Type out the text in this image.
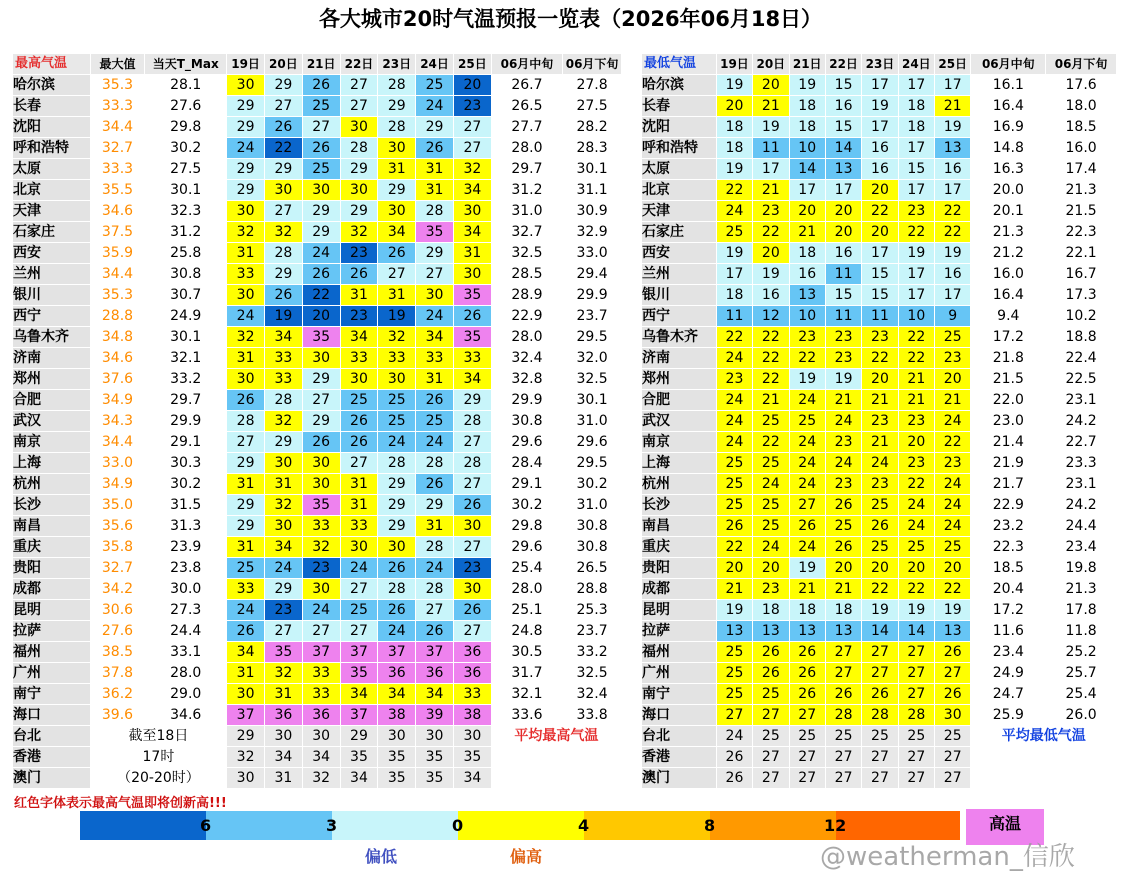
各大城市20时气温预报一览表（2026年06月18日）
最高气温	最大值	当天T_Max	19日	20日	21日	22日	23日	24日	25日	06月中旬	06月下旬
哈尔滨	35.3	28.1	30	29	26	27	28	25	20	26.7	27.8
长春	33.3	27.6	29	27	25	27	29	24	23	26.5	27.5
沈阳	34.4	29.8	29	26	27	30	28	29	27	27.7	28.2
呼和浩特	32.7	30.2	24	22	26	28	30	26	27	28.0	28.3
太原	33.3	27.5	29	29	25	29	31	31	32	29.7	30.1
北京	35.5	30.1	29	30	30	30	29	31	34	31.2	31.1
天津	34.6	32.3	30	27	29	29	30	28	30	31.0	30.9
石家庄	37.5	31.2	32	32	29	32	34	35	34	32.7	32.9
西安	35.9	25.8	31	28	24	23	26	29	31	32.5	33.0
兰州	34.4	30.8	33	29	26	26	27	27	30	28.5	29.4
银川	35.3	30.7	30	26	22	31	31	30	35	28.9	29.9
西宁	28.8	24.9	24	19	20	23	19	24	26	22.9	23.7
乌鲁木齐	34.8	30.1	32	34	35	34	32	34	35	28.0	29.5
济南	34.6	32.1	31	33	30	33	33	33	33	32.4	32.0
郑州	37.6	33.2	30	33	29	30	30	31	34	32.8	32.5
合肥	34.9	29.7	26	28	27	25	25	26	29	29.9	30.1
武汉	34.3	29.9	28	32	29	26	25	25	28	30.8	31.0
南京	34.4	29.1	27	29	26	26	24	24	27	29.6	29.6
上海	33.0	30.3	29	30	30	27	28	28	28	28.4	29.5
杭州	34.9	30.2	31	31	30	31	29	26	27	29.1	30.2
长沙	35.0	31.5	29	32	35	31	29	29	26	30.2	31.0
南昌	35.6	31.3	29	30	33	33	29	31	30	29.8	30.8
重庆	35.8	23.9	31	34	32	30	30	28	27	29.6	30.8
贵阳	32.7	23.8	25	24	23	24	26	24	23	25.4	26.5
成都	34.2	30.0	33	29	30	27	28	28	30	28.0	28.8
昆明	30.6	27.3	24	23	24	25	26	27	26	25.1	25.3
拉萨	27.6	24.4	26	27	27	27	24	26	27	24.8	23.7
福州	38.5	33.1	34	35	37	37	37	37	36	30.5	33.2
广州	37.8	28.0	31	32	33	35	36	36	36	31.7	32.5
南宁	36.2	29.0	30	31	33	34	34	34	33	32.1	32.4
海口	39.6	34.6	37	36	36	37	38	39	38	33.6	33.8
台北	截至18日		29	30	30	29	30	30	30	平均最高气温	
香港	17时		32	34	34	35	35	35	35		
澳门	（20-20时）		30	31	32	34	35	35	34		
最低气温	19日	20日	21日	22日	23日	24日	25日	06月中旬	06月下旬
哈尔滨	19	20	19	15	17	17	17	16.1	17.6
长春	20	21	18	16	19	18	21	16.4	18.0
沈阳	18	19	18	15	17	18	19	16.9	18.5
呼和浩特	18	11	10	14	16	17	13	14.8	16.0
太原	19	17	14	13	16	15	16	16.3	17.4
北京	22	21	17	17	20	17	17	20.0	21.3
天津	24	23	20	20	22	23	22	20.1	21.5
石家庄	25	22	21	20	20	22	22	21.3	22.3
西安	19	20	18	16	17	19	19	21.2	22.1
兰州	17	19	16	11	15	17	16	16.0	16.7
银川	18	16	13	15	15	17	17	16.4	17.3
西宁	11	12	10	11	11	10	9	9.4	10.2
乌鲁木齐	22	22	23	23	23	22	25	17.2	18.8
济南	24	22	22	23	22	22	23	21.8	22.4
郑州	23	22	19	19	20	21	20	21.5	22.5
合肥	24	21	24	21	21	21	21	22.0	23.1
武汉	24	25	25	24	23	23	24	23.0	24.2
南京	24	22	24	23	21	20	22	21.4	22.7
上海	25	25	24	24	24	23	23	21.9	23.3
杭州	25	24	24	23	23	22	24	21.7	23.1
长沙	25	25	27	26	25	24	24	22.9	24.2
南昌	26	25	26	25	26	24	24	23.2	24.4
重庆	22	24	24	26	25	25	25	22.3	23.4
贵阳	20	20	19	20	20	20	20	18.5	19.8
成都	21	23	21	21	22	22	22	20.4	21.3
昆明	19	18	18	18	19	19	19	17.2	17.8
拉萨	13	13	13	13	14	14	13	11.6	11.8
福州	25	26	26	27	27	27	26	23.4	25.2
广州	25	26	26	27	27	27	27	24.9	25.7
南宁	25	25	26	26	26	27	26	24.7	25.4
海口	27	27	27	28	28	28	30	25.9	26.0
台北	24	25	25	25	25	25	25	平均最低气温	
香港	26	27	27	27	27	27	27		
澳门	26	27	27	27	27	27	27		
红色字体表示最高气温即将创新高!!!
6	3	0	4	8	12	高温
偏低	偏高	@weatherman_信欣
